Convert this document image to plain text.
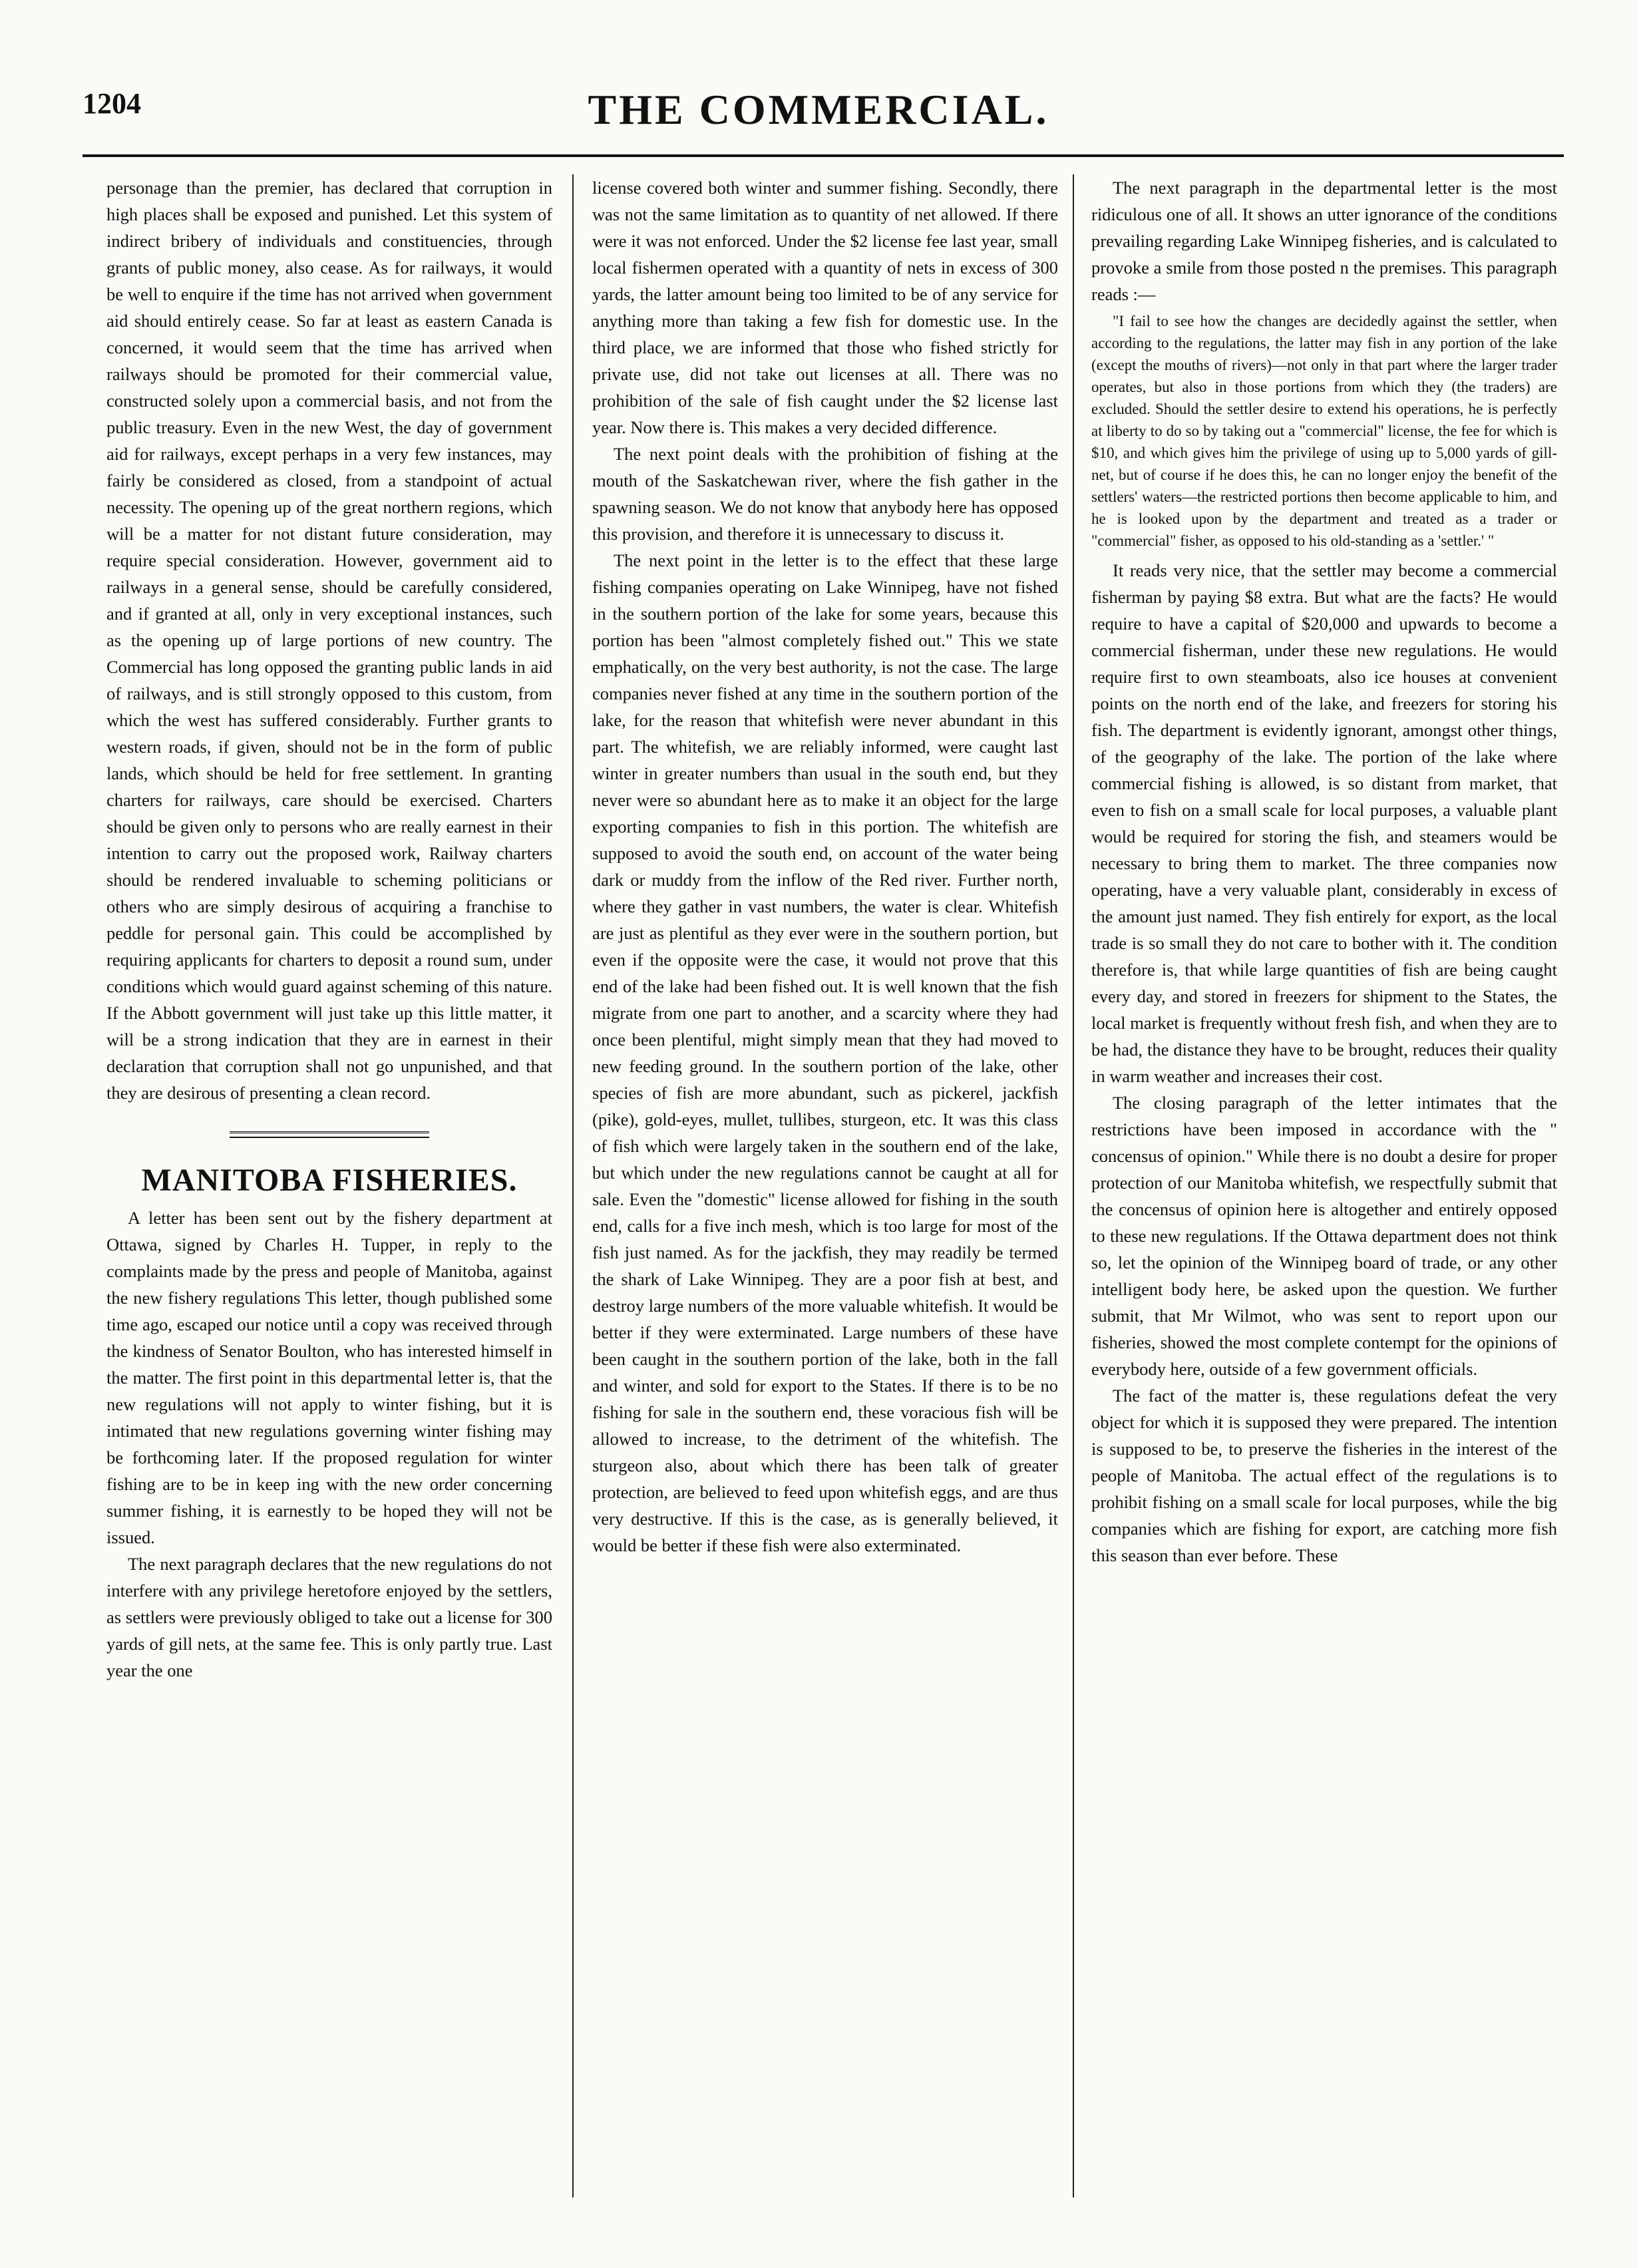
1204	THE COMMERCIAL.

personage than the premier, has declared that corruption in high places shall be exposed and punished. Let this system of indirect bribery of individuals and constituencies, through grants of public money, also cease. As for railways, it would be well to enquire if the time has not arrived when government aid should entirely cease. So far at least as eastern Canada is concerned, it would seem that the time has arrived when railways should be promoted for their commercial value, constructed solely upon a commercial basis, and not from the public treasury. Even in the new West, the day of government aid for railways, except perhaps in a very few instances, may fairly be considered as closed, from a standpoint of actual necessity. The opening up of the great northern regions, which will be a matter for not distant future consideration, may require special consideration. However, government aid to railways in a general sense, should be carefully considered, and if granted at all, only in very exceptional instances, such as the opening up of large portions of new country. The Commercial has long opposed the granting public lands in aid of railways, and is still strongly opposed to this custom, from which the west has suffered considerably. Further grants to western roads, if given, should not be in the form of public lands, which should be held for free settlement. In granting charters for railways, care should be exercised. Charters should be given only to persons who are really earnest in their intention to carry out the proposed work, Railway charters should be rendered invaluable to scheming politicians or others who are simply desirous of acquiring a franchise to peddle for personal gain. This could be accomplished by requiring applicants for charters to deposit a round sum, under conditions which would guard against scheming of this nature. If the Abbott government will just take up this little matter, it will be a strong indication that they are in earnest in their declaration that corruption shall not go unpunished, and that they are desirous of presenting a clean record.

MANITOBA FISHERIES.

A letter has been sent out by the fishery department at Ottawa, signed by Charles H. Tupper, in reply to the complaints made by the press and people of Manitoba, against the new fishery regulations This letter, though published some time ago, escaped our notice until a copy was received through the kindness of Senator Boulton, who has interested himself in the matter. The first point in this departmental letter is, that the new regulations will not apply to winter fishing, but it is intimated that new regulations governing winter fishing may be forthcoming later. If the proposed regulation for winter fishing are to be in keep ing with the new order concerning summer fishing, it is earnestly to be hoped they will not be issued.

The next paragraph declares that the new regulations do not interfere with any privilege heretofore enjoyed by the settlers, as settlers were previously obliged to take out a license for 300 yards of gill nets, at the same fee. This is only partly true. Last year the one

license covered both winter and summer fishing. Secondly, there was not the same limitation as to quantity of net allowed. If there were it was not enforced. Under the $2 license fee last year, small local fishermen operated with a quantity of nets in excess of 300 yards, the latter amount being too limited to be of any service for anything more than taking a few fish for domestic use. In the third place, we are informed that those who fished strictly for private use, did not take out licenses at all. There was no prohibition of the sale of fish caught under the $2 license last year. Now there is. This makes a very decided difference.

The next point deals with the prohibition of fishing at the mouth of the Saskatchewan river, where the fish gather in the spawning season. We do not know that anybody here has opposed this provision, and therefore it is unnecessary to discuss it.

The next point in the letter is to the effect that these large fishing companies operating on Lake Winnipeg, have not fished in the southern portion of the lake for some years, because this portion has been "almost completely fished out." This we state emphatically, on the very best authority, is not the case. The large companies never fished at any time in the southern portion of the lake, for the reason that whitefish were never abundant in this part. The whitefish, we are reliably informed, were caught last winter in greater numbers than usual in the south end, but they never were so abundant here as to make it an object for the large exporting companies to fish in this portion. The whitefish are supposed to avoid the south end, on account of the water being dark or muddy from the inflow of the Red river. Further north, where they gather in vast numbers, the water is clear. Whitefish are just as plentiful as they ever were in the southern portion, but even if the opposite were the case, it would not prove that this end of the lake had been fished out. It is well known that the fish migrate from one part to another, and a scarcity where they had once been plentiful, might simply mean that they had moved to new feeding ground. In the southern portion of the lake, other species of fish are more abundant, such as pickerel, jackfish (pike), gold-eyes, mullet, tullibes, sturgeon, etc. It was this class of fish which were largely taken in the southern end of the lake, but which under the new regulations cannot be caught at all for sale. Even the "domestic" license allowed for fishing in the south end, calls for a five inch mesh, which is too large for most of the fish just named. As for the jackfish, they may readily be termed the shark of Lake Winnipeg. They are a poor fish at best, and destroy large numbers of the more valuable whitefish. It would be better if they were exterminated. Large numbers of these have been caught in the southern portion of the lake, both in the fall and winter, and sold for export to the States. If there is to be no fishing for sale in the southern end, these voracious fish will be allowed to increase, to the detriment of the whitefish. The sturgeon also, about which there has been talk of greater protection, are believed to feed upon whitefish eggs, and are thus very destructive. If this is the case, as is generally believed, it would be better if these fish were also exterminated.

The next paragraph in the departmental letter is the most ridiculous one of all. It shows an utter ignorance of the conditions prevailing regarding Lake Winnipeg fisheries, and is calculated to provoke a smile from those posted n the premises. This paragraph reads :—

"I fail to see how the changes are decidedly against the settler, when according to the regulations, the latter may fish in any portion of the lake (except the mouths of rivers)—not only in that part where the larger trader operates, but also in those portions from which they (the traders) are excluded. Should the settler desire to extend his operations, he is perfectly at liberty to do so by taking out a "commercial" license, the fee for which is $10, and which gives him the privilege of using up to 5,000 yards of gill-net, but of course if he does this, he can no longer enjoy the benefit of the settlers' waters—the restricted portions then become applicable to him, and he is looked upon by the department and treated as a trader or "commercial" fisher, as opposed to his old-standing as a 'settler.' "

It reads very nice, that the settler may become a commercial fisherman by paying $8 extra. But what are the facts? He would require to have a capital of $20,000 and upwards to become a commercial fisherman, under these new regulations. He would require first to own steamboats, also ice houses at convenient points on the north end of the lake, and freezers for storing his fish. The department is evidently ignorant, amongst other things, of the geography of the lake. The portion of the lake where commercial fishing is allowed, is so distant from market, that even to fish on a small scale for local purposes, a valuable plant would be required for storing the fish, and steamers would be necessary to bring them to market. The three companies now operating, have a very valuable plant, considerably in excess of the amount just named. They fish entirely for export, as the local trade is so small they do not care to bother with it. The condition therefore is, that while large quantities of fish are being caught every day, and stored in freezers for shipment to the States, the local market is frequently without fresh fish, and when they are to be had, the distance they have to be brought, reduces their quality in warm weather and increases their cost.

The closing paragraph of the letter intimates that the restrictions have been imposed in accordance with the " concensus of opinion." While there is no doubt a desire for proper protection of our Manitoba whitefish, we respectfully submit that the concensus of opinion here is altogether and entirely opposed to these new regulations. If the Ottawa department does not think so, let the opinion of the Winnipeg board of trade, or any other intelligent body here, be asked upon the question. We further submit, that Mr Wilmot, who was sent to report upon our fisheries, showed the most complete contempt for the opinions of everybody here, outside of a few government officials.

The fact of the matter is, these regulations defeat the very object for which it is supposed they were prepared. The intention is supposed to be, to preserve the fisheries in the interest of the people of Manitoba. The actual effect of the regulations is to prohibit fishing on a small scale for local purposes, while the big companies which are fishing for export, are catching more fish this season than ever before. These
